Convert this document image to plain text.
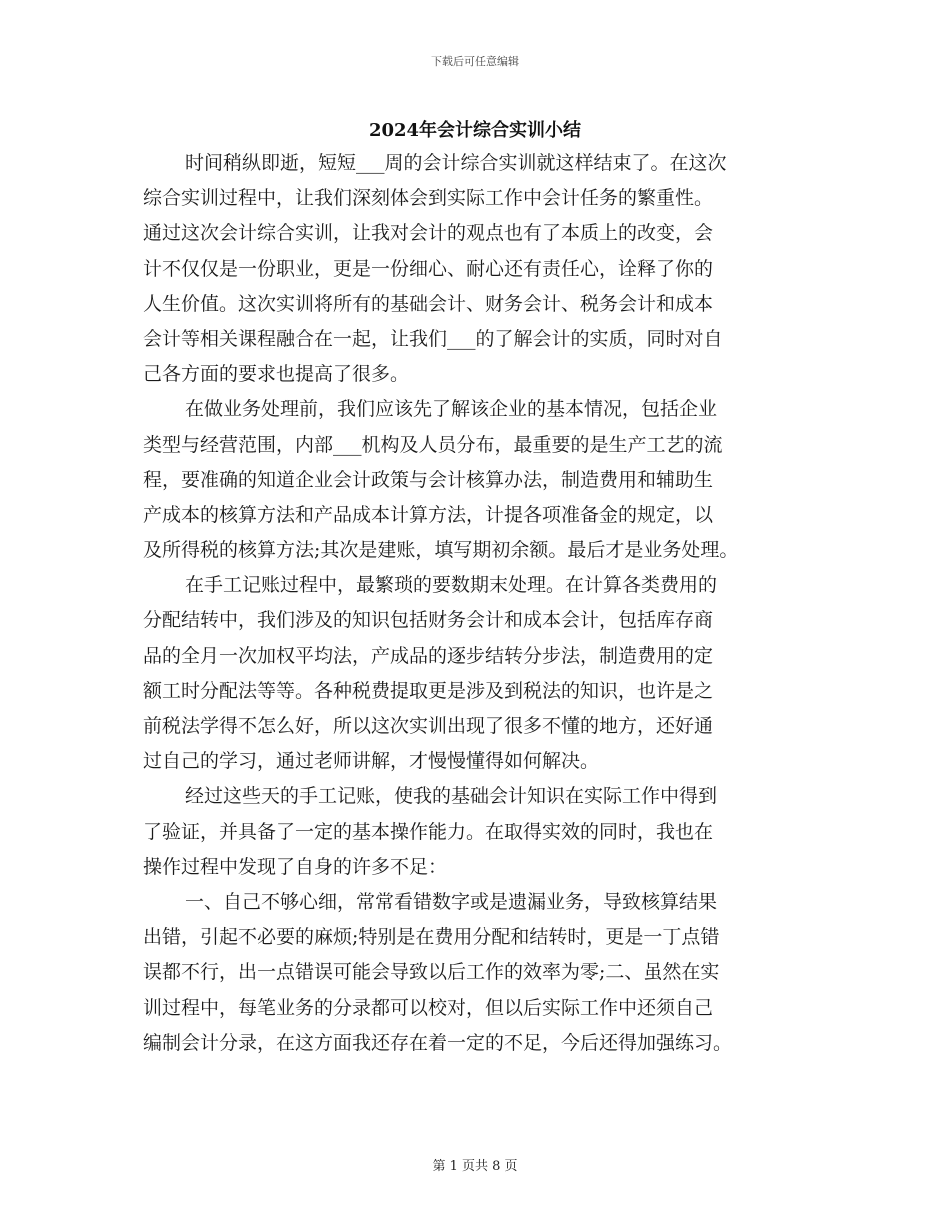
下载后可任意编辑
2024年会计综合实训小结
时间稍纵即逝，短短___周的会计综合实训就这样结束了。在这次
综合实训过程中，让我们深刻体会到实际工作中会计任务的繁重性。
通过这次会计综合实训，让我对会计的观点也有了本质上的改变，会
计不仅仅是一份职业，更是一份细心、耐心还有责任心，诠释了你的
人生价值。这次实训将所有的基础会计、财务会计、税务会计和成本
会计等相关课程融合在一起，让我们___的了解会计的实质，同时对自
己各方面的要求也提高了很多。
在做业务处理前，我们应该先了解该企业的基本情况，包括企业
类型与经营范围，内部___机构及人员分布，最重要的是生产工艺的流
程，要准确的知道企业会计政策与会计核算办法，制造费用和辅助生
产成本的核算方法和产品成本计算方法，计提各项准备金的规定，以
及所得税的核算方法;其次是建账，填写期初余额。最后才是业务处理。
在手工记账过程中，最繁琐的要数期末处理。在计算各类费用的
分配结转中，我们涉及的知识包括财务会计和成本会计，包括库存商
品的全月一次加权平均法，产成品的逐步结转分步法，制造费用的定
额工时分配法等等。各种税费提取更是涉及到税法的知识，也许是之
前税法学得不怎么好，所以这次实训出现了很多不懂的地方，还好通
过自己的学习，通过老师讲解，才慢慢懂得如何解决。
经过这些天的手工记账，使我的基础会计知识在实际工作中得到
了验证，并具备了一定的基本操作能力。在取得实效的同时，我也在
操作过程中发现了自身的许多不足：
一、自己不够心细，常常看错数字或是遗漏业务，导致核算结果
出错，引起不必要的麻烦;特别是在费用分配和结转时，更是一丁点错
误都不行，出一点错误可能会导致以后工作的效率为零;二、虽然在实
训过程中，每笔业务的分录都可以校对，但以后实际工作中还须自己
编制会计分录，在这方面我还存在着一定的不足，今后还得加强练习。
第 1 页共 8 页
